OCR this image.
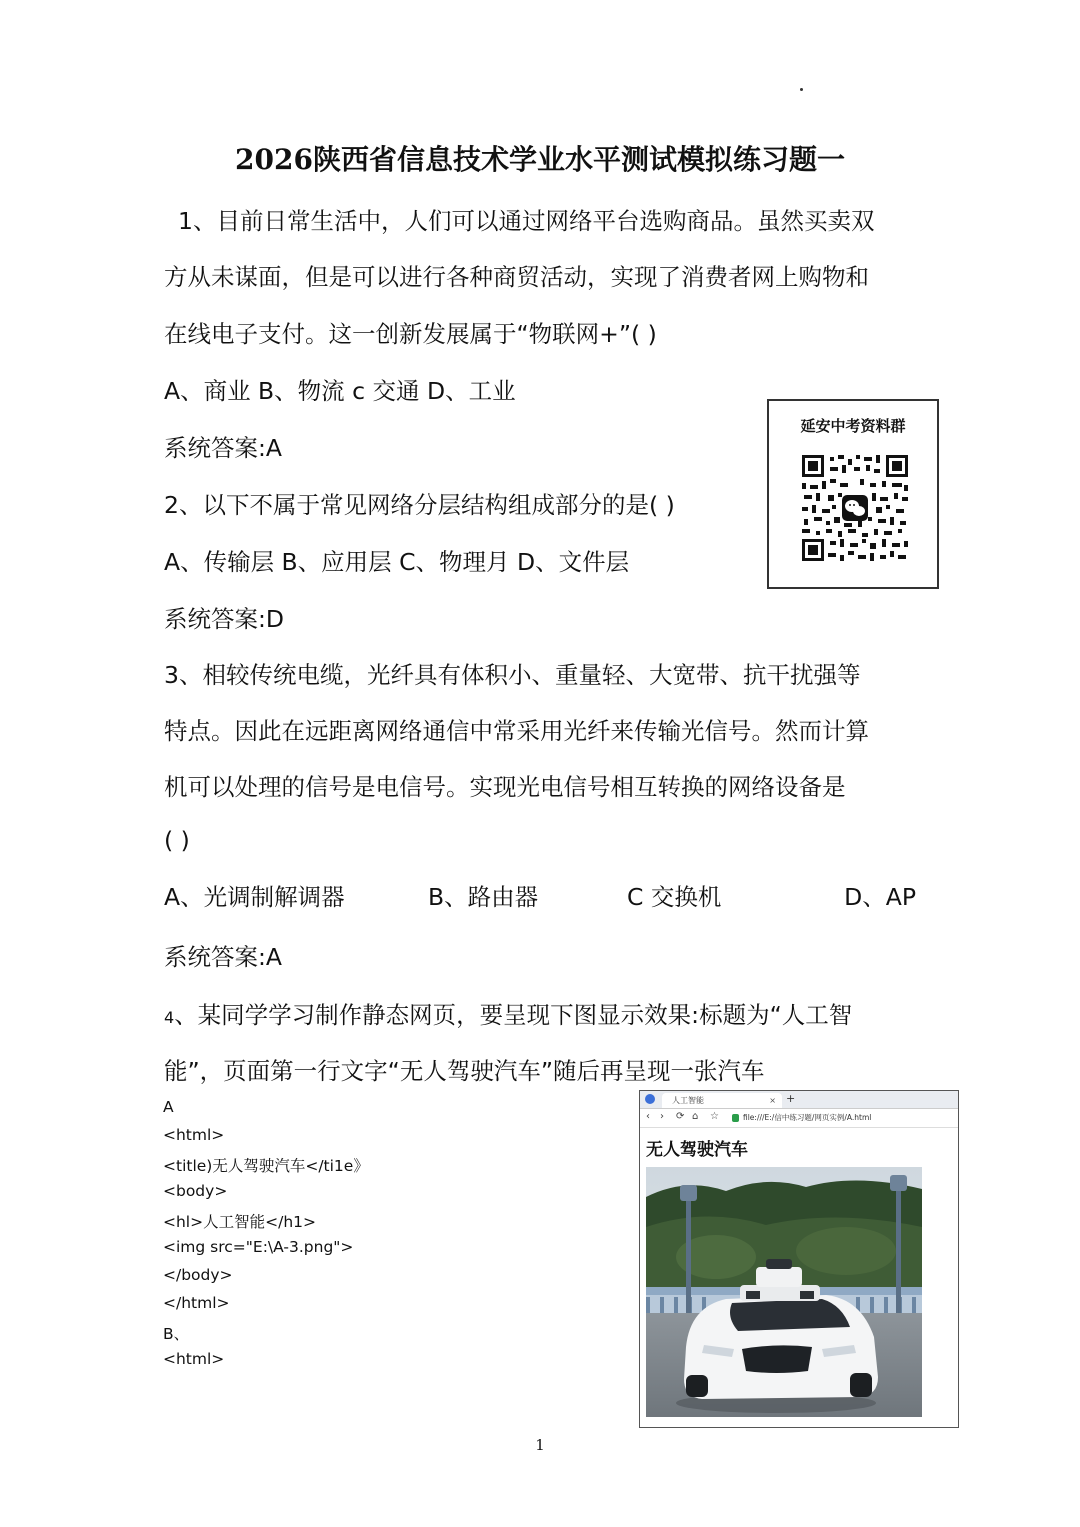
2026陕西省信息技术学业水平测试模拟练习题一
1、目前日常生活中，人们可以通过网络平台选购商品。虽然买卖双
方从未谋面，但是可以进行各种商贸活动，实现了消费者网上购物和
在线电子支付。这一创新发展属于“物联网+”( )
A、商业 B、物流 c 交通 D、工业
系统答案:A
延安中考资料群
2、以下不属于常见网络分层结构组成部分的是( )
A、传输层 B、应用层 C、物理月 D、文件层
系统答案:D
3、相较传统电缆，光纤具有体积小、重量轻、大宽带、抗干扰强等
特点。因此在远距离网络通信中常采用光纤来传输光信号。然而计算
机可以处理的信号是电信号。实现光电信号相互转换的网络设备是
( )
A、光调制解调器	B、路由器	C 交换机	D、AP
系统答案:A
4、某同学学习制作静态网页，要呈现下图显示效果:标题为“人工智
能”，页面第一行文字“无人驾驶汽车”随后再呈现一张汽车
A
<html>
<title)无人驾驶汽车</ti1e》
<body>
<hl>人工智能</h1>
<img src="E:\A-3.png">
</body>
</html>
B、
<html>
人工智能	× +
‹ › ⟳ ⌂ ☆	file:///E:/信中练习题/网页实例/A.html
无人驾驶汽车
1
